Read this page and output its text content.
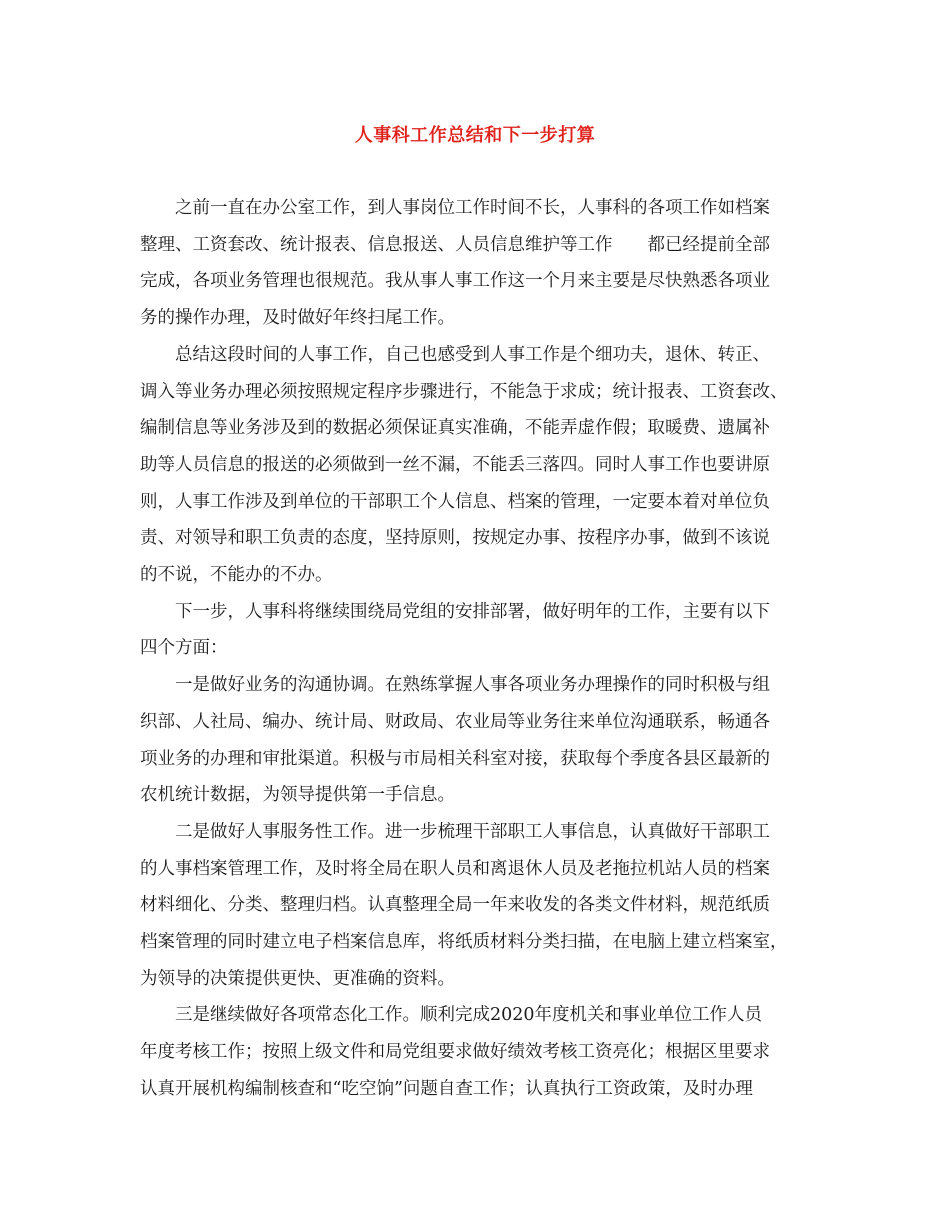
人事科工作总结和下一步打算

之前一直在办公室工作，到人事岗位工作时间不长，人事科的各项工作如档案
整理、工资套改、统计报表、信息报送、人员信息维护等工作　　都已经提前全部
完成，各项业务管理也很规范。我从事人事工作这一个月来主要是尽快熟悉各项业
务的操作办理，及时做好年终扫尾工作。

总结这段时间的人事工作，自己也感受到人事工作是个细功夫，退休、转正、
调入等业务办理必须按照规定程序步骤进行，不能急于求成；统计报表、工资套改、
编制信息等业务涉及到的数据必须保证真实准确，不能弄虚作假；取暖费、遗属补
助等人员信息的报送的必须做到一丝不漏，不能丢三落四。同时人事工作也要讲原
则，人事工作涉及到单位的干部职工个人信息、档案的管理，一定要本着对单位负
责、对领导和职工负责的态度，坚持原则，按规定办事、按程序办事，做到不该说
的不说，不能办的不办。

下一步，人事科将继续围绕局党组的安排部署，做好明年的工作，主要有以下
四个方面：

一是做好业务的沟通协调。在熟练掌握人事各项业务办理操作的同时积极与组
织部、人社局、编办、统计局、财政局、农业局等业务往来单位沟通联系，畅通各
项业务的办理和审批渠道。积极与市局相关科室对接，获取每个季度各县区最新的
农机统计数据，为领导提供第一手信息。

二是做好人事服务性工作。进一步梳理干部职工人事信息，认真做好干部职工
的人事档案管理工作，及时将全局在职人员和离退休人员及老拖拉机站人员的档案
材料细化、分类、整理归档。认真整理全局一年来收发的各类文件材料，规范纸质
档案管理的同时建立电子档案信息库，将纸质材料分类扫描，在电脑上建立档案室，
为领导的决策提供更快、更准确的资料。

三是继续做好各项常态化工作。顺利完成2020年度机关和事业单位工作人员
年度考核工作；按照上级文件和局党组要求做好绩效考核工资亮化；根据区里要求
认真开展机构编制核查和“吃空饷”问题自查工作；认真执行工资政策，及时办理
